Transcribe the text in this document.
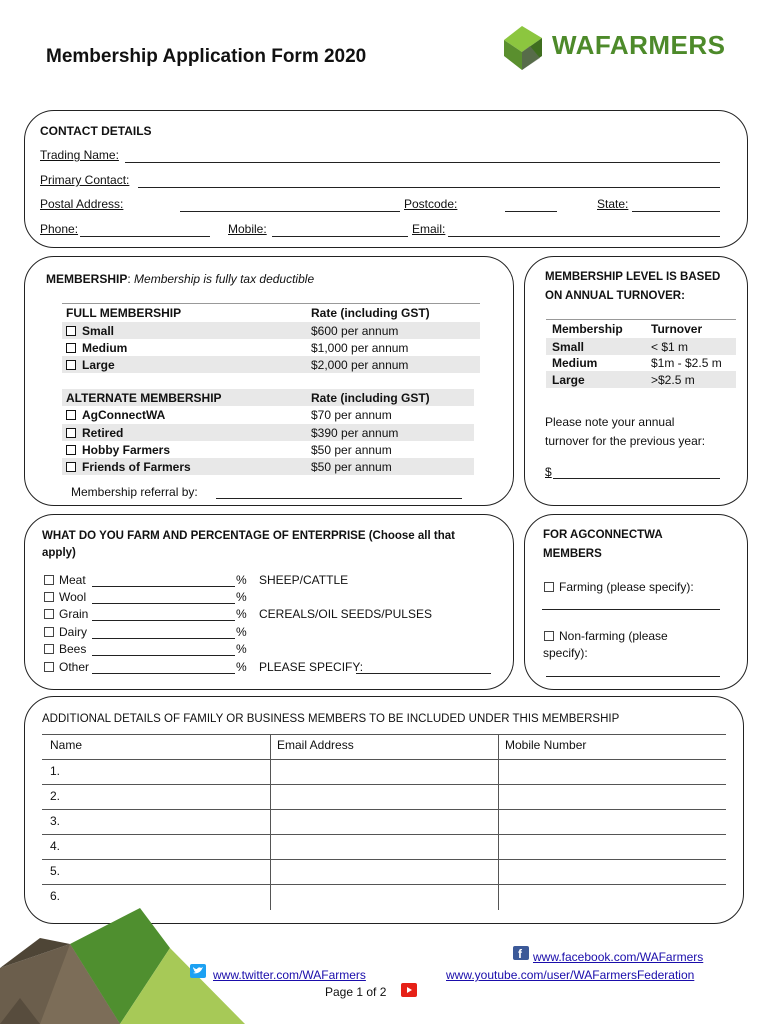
Membership Application Form 2020	WAFARMERS
CONTACT DETAILS
Trading Name:
Primary Contact:
Postal Address:	Postcode:	State:
Phone:	Mobile:	Email:
MEMBERSHIP: Membership is fully tax deductible
FULL MEMBERSHIP	Rate (including GST)
Small	$600 per annum
Medium	$1,000 per annum
Large	$2,000 per annum
ALTERNATE MEMBERSHIP	Rate (including GST)
AgConnectWA	$70 per annum
Retired	$390 per annum
Hobby Farmers	$50 per annum
Friends of Farmers	$50 per annum
Membership referral by:
MEMBERSHIP LEVEL IS BASED
ON ANNUAL TURNOVER:
Membership Turnover
Small	< $1 m
Medium	$1m - $2.5 m
Large	>$2.5 m
Please note your annual
turnover for the previous year:
$
WHAT DO YOU FARM AND PERCENTAGE OF ENTERPRISE (Choose all that
apply)
Meat	% SHEEP/CATTLE
Wool	%
Grain	% CEREALS/OIL SEEDS/PULSES
Dairy	%
Bees	%
Other	% PLEASE SPECIFY:
FOR AGCONNECTWA
MEMBERS
Farming (please specify):
Non-farming (please
specify):
ADDITIONAL DETAILS OF FAMILY OR BUSINESS MEMBERS TO BE INCLUDED UNDER THIS MEMBERSHIP
Name	Email Address	Mobile Number
1.
2.
3.
4.
5.
6.
f www.facebook.com/WAFarmers
www.twitter.com/WAFarmers	www.youtube.com/user/WAFarmersFederation
Page 1 of 2
